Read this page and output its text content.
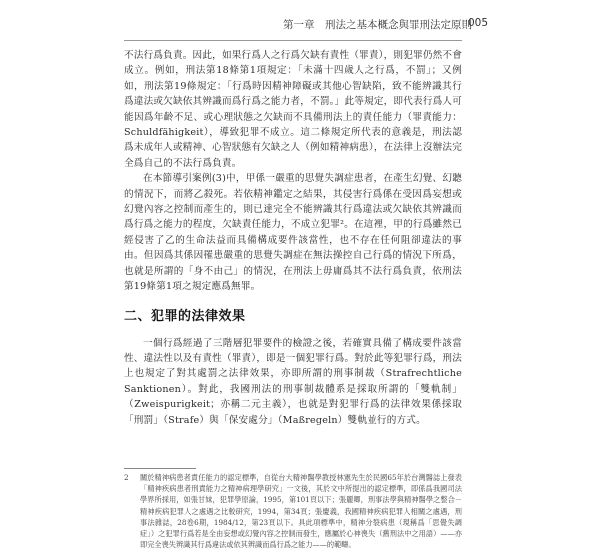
第一章　刑法之基本概念與罪刑法定原則
005

不法行爲負責。因此，如果行爲人之行爲欠缺有責性（罪責），則犯罪仍然不會成立。例如，刑法第18條第1項規定：「未滿十四歲人之行爲，不罰」；又例如，刑法第19條規定：「行爲時因精神障礙或其他心智缺陷，致不能辨識其行爲違法或欠缺依其辨識而爲行爲之能力者，不罰。」此等規定，即代表行爲人可能因爲年齡不足、或心理狀態之欠缺而不具備刑法上的責任能力（罪責能力：Schuldfähigkeit），導致犯罪不成立。這二條規定所代表的意義是，刑法認爲未成年人或精神、心智狀態有欠缺之人（例如精神病患），在法律上沒辦法完全爲自己的不法行爲負責。

在本節導引案例(3)中，甲係一嚴重的思覺失調症患者，在產生幻覺、幻聽的情況下，而將乙殺死。若依精神鑑定之結果，其侵害行爲係在受因爲妄想或幻覺內容之控制而產生的，則已達完全不能辨識其行爲違法或欠缺依其辨識而爲行爲之能力的程度，欠缺責任能力，不成立犯罪²。在這裡，甲的行爲雖然已經侵害了乙的生命法益而具備構成要件該當性，也不存在任何阻卻違法的事由。但因爲其係因罹患嚴重的思覺失調症在無法操控自己行爲的情況下所爲，也就是所謂的「身不由己」的情況，在刑法上毋庸爲其不法行爲負責，依刑法第19條第1項之規定應爲無罪。

二、犯罪的法律效果

一個行爲經過了三階層犯罪要件的檢證之後，若確實具備了構成要件該當性、違法性以及有責性（罪責），即是一個犯罪行爲。對於此等犯罪行爲，刑法上也規定了對其處罰之法律效果，亦即所謂的刑事制裁（Strafrechtliche Sanktionen）。對此，我國刑法的刑事制裁體系是採取所謂的「雙軌制」（Zweispurigkeit；亦稱二元主義），也就是對犯罪行爲的法律效果係採取「刑罰」（Strafe）與「保安處分」（Maßregeln）雙軌並行的方式。

2	關於精神病患者責任能力的認定標準，自從台大精神醫學教授林憲先生於民國65年於台灣醫誌上發表「精神疾病患者刑責能力之精神病理學研究」一文後，其於文中所提出的認定標準，即係爲我國司法學界所採用，如張甘妹，犯罪學原論，1995，第101頁以下；張麗卿，刑事法學與精神醫學之整合－精神疾病犯罪人之處遇之比較研究，1994，第34頁；張慶義，我國精神疾病犯罪人相關之處遇，刑事法雜誌，28卷6期，1984/12，第23頁以下。具此項標準中，精神分裂病患（現稱爲「思覺失調症」）之犯罪行爲若是全由妄想或幻覺內容之控制而發生，應屬於心神喪失（舊刑法中之用語）——亦即完全喪失辨識其行爲違法或依其辨識而爲行爲之能力——的範疇。
